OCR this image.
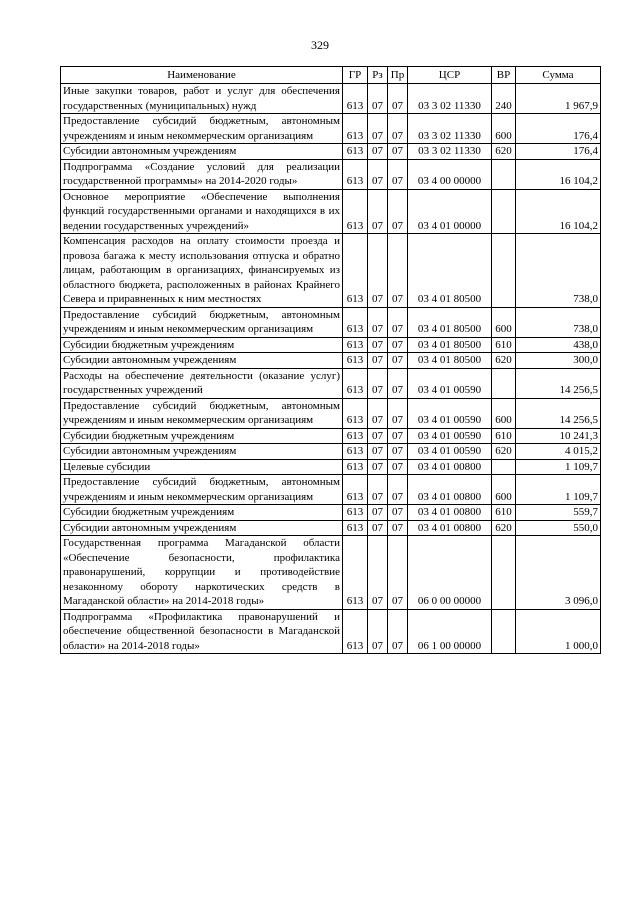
329
Наименование	ГР	Рз	Пр	ЦСР	ВР	Сумма
Иные закупки товаров, работ и услуг для обеспечения государственных (муниципальных) нужд	613	07	07	03 3 02 11330	240	1 967,9
Предоставление субсидий бюджетным, автономным учреждениям и иным некоммерческим организациям	613	07	07	03 3 02 11330	600	176,4
Субсидии автономным учреждениям	613	07	07	03 3 02 11330	620	176,4
Подпрограмма «Создание условий для реализации государственной программы» на 2014-2020 годы»	613	07	07	03 4 00 00000		16 104,2
Основное мероприятие «Обеспечение выполнения функций государственными органами и находящихся в их ведении государственных учреждений»	613	07	07	03 4 01 00000		16 104,2
Компенсация расходов на оплату стоимости проезда и провоза багажа к месту использования отпуска и обратно лицам, работающим в организациях, финансируемых из областного бюджета, расположенных в районах Крайнего Севера и приравненных к ним местностях	613	07	07	03 4 01 80500		738,0
Предоставление субсидий бюджетным, автономным учреждениям и иным некоммерческим организациям	613	07	07	03 4 01 80500	600	738,0
Субсидии бюджетным учреждениям	613	07	07	03 4 01 80500	610	438,0
Субсидии автономным учреждениям	613	07	07	03 4 01 80500	620	300,0
Расходы на обеспечение деятельности (оказание услуг) государственных учреждений	613	07	07	03 4 01 00590		14 256,5
Предоставление субсидий бюджетным, автономным учреждениям и иным некоммерческим организациям	613	07	07	03 4 01 00590	600	14 256,5
Субсидии бюджетным учреждениям	613	07	07	03 4 01 00590	610	10 241,3
Субсидии автономным учреждениям	613	07	07	03 4 01 00590	620	4 015,2
Целевые субсидии	613	07	07	03 4 01 00800		1 109,7
Предоставление субсидий бюджетным, автономным учреждениям и иным некоммерческим организациям	613	07	07	03 4 01 00800	600	1 109,7
Субсидии бюджетным учреждениям	613	07	07	03 4 01 00800	610	559,7
Субсидии автономным учреждениям	613	07	07	03 4 01 00800	620	550,0
Государственная программа Магаданской области «Обеспечение безопасности, профилактика правонарушений, коррупции и противодействие незаконному обороту наркотических средств в Магаданской области» на 2014-2018 годы»	613	07	07	06 0 00 00000		3 096,0
Подпрограмма «Профилактика правонарушений и обеспечение общественной безопасности в Магаданской области» на 2014-2018 годы»	613	07	07	06 1 00 00000		1 000,0
